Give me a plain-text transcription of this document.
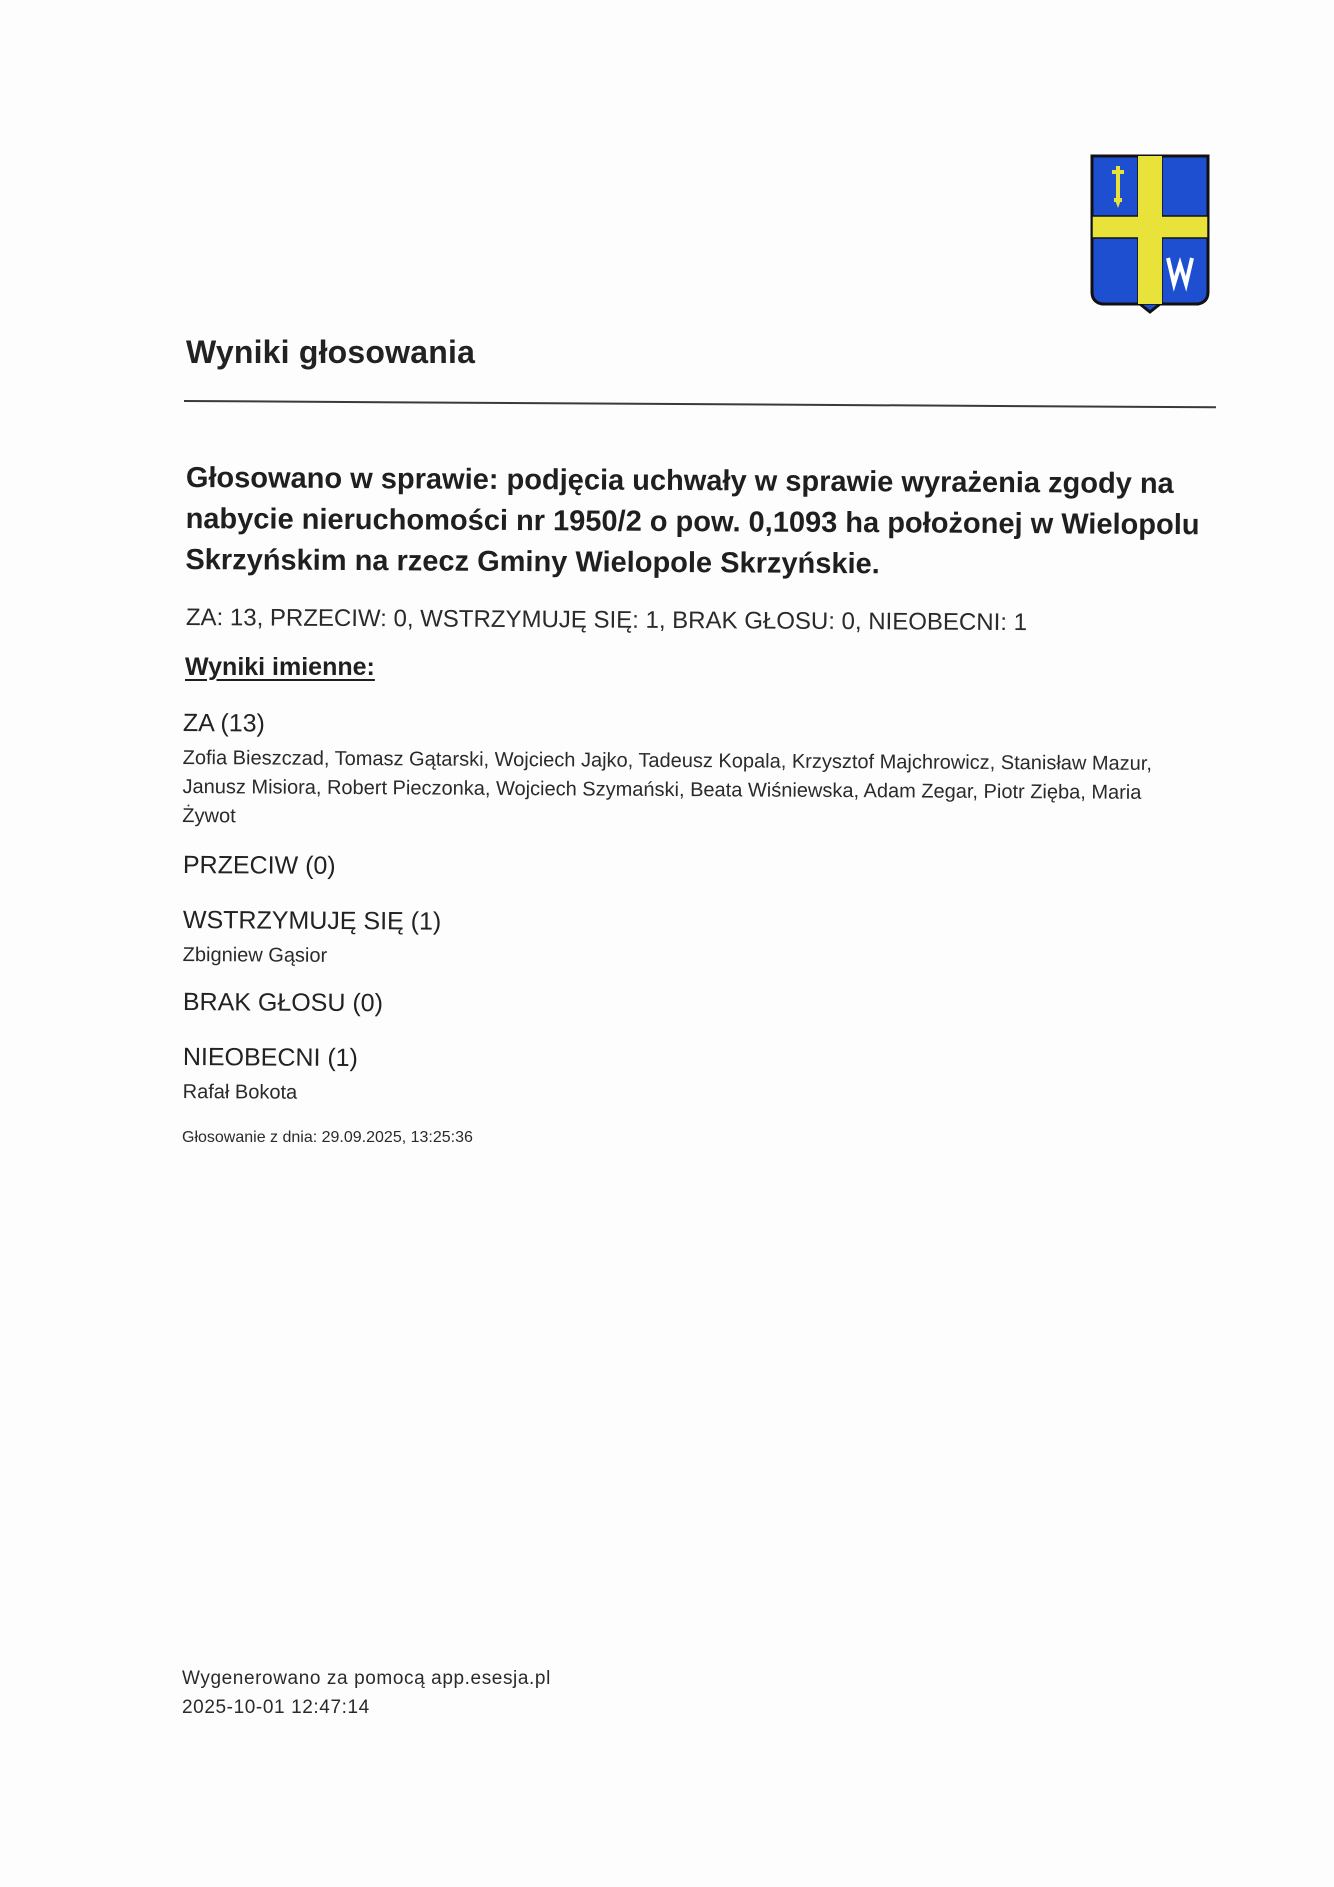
Wyniki głosowania

Głosowano w sprawie: podjęcia uchwały w sprawie wyrażenia zgody na nabycie nieruchomości nr 1950/2 o pow. 0,1093 ha położonej w Wielopolu Skrzyńskim na rzecz Gminy Wielopole Skrzyńskie.

ZA: 13, PRZECIW: 0, WSTRZYMUJĘ SIĘ: 1, BRAK GŁOSU: 0, NIEOBECNI: 1
Wyniki imienne:
ZA (13)
Zofia Bieszczad, Tomasz Gątarski, Wojciech Jajko, Tadeusz Kopala, Krzysztof Majchrowicz, Stanisław Mazur, Janusz Misiora, Robert Pieczonka, Wojciech Szymański, Beata Wiśniewska, Adam Zegar, Piotr Zięba, Maria Żywot
PRZECIW (0)
WSTRZYMUJĘ SIĘ (1)
Zbigniew Gąsior
BRAK GŁOSU (0)
NIEOBECNI (1)
Rafał Bokota
Głosowanie z dnia: 29.09.2025, 13:25:36
Wygenerowano za pomocą app.esesja.pl
2025-10-01 12:47:14
